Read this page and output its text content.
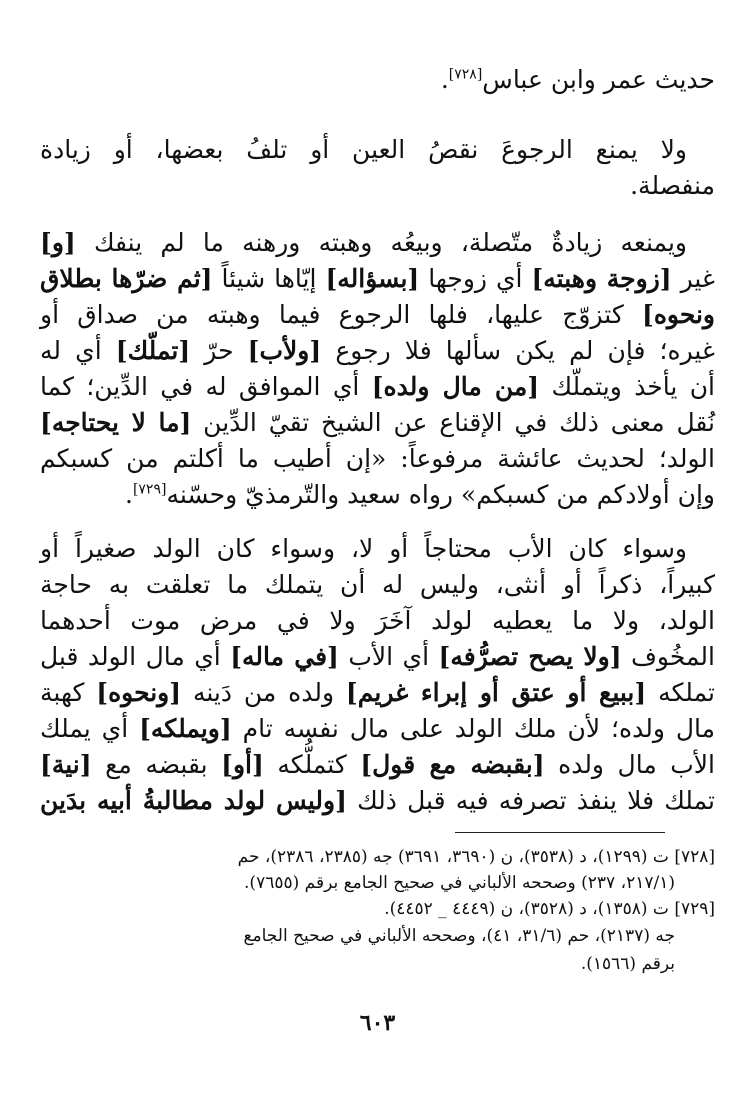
حديث عمر وابن عباس[٧٢٨].
ولا يمنع الرجوعَ نقصُ العين أو تلفُ بعضها، أو زيادة
منفصلة.
ويمنعه زيادةٌ متّصلة، وبيعُه وهبته ورهنه ما لم ينفك [و]
غير [زوجة وهبته] أي زوجها [بسؤاله] إيّاها شيئاً [ثم ضرّها بطلاق
ونحوه] كتزوّج عليها، فلها الرجوع فيما وهبته من صداق أو
غيره؛ فإن لم يكن سألها فلا رجوع [ولأب] حرّ [تملّك] أي له
أن يأخذ ويتملّك [من مال ولده] أي الموافق له في الدِّين؛ كما
نُقل معنى ذلك في الإقناع عن الشيخ تقيّ الدِّين [ما لا يحتاجه]
الولد؛ لحديث عائشة مرفوعاً: «إن أطيب ما أكلتم من كسبكم
وإن أولادكم من كسبكم» رواه سعيد والتّرمذيّ وحسّنه[٧٢٩].
وسواء كان الأب محتاجاً أو لا، وسواء كان الولد صغيراً أو
كبيراً، ذكراً أو أنثى، وليس له أن يتملك ما تعلقت به حاجة
الولد، ولا ما يعطيه لولد آخَرَ ولا في مرض موت أحدهما
المخُوف [ولا يصح تصرُّفه] أي الأب [في ماله] أي مال الولد قبل
تملكه [ببيع أو عتق أو إبراء غريم] ولده من دَينه [ونحوه] كهبة
مال ولده؛ لأن ملك الولد على مال نفسه تام [ويملكه] أي يملك
الأب مال ولده [بقبضه مع قول] كتملُّكه [أو] بقبضه مع [نية]
تملك فلا ينفذ تصرفه فيه قبل ذلك [وليس لولد مطالبةُ أبيه بدَين
[٧٢٨] ت (١٢٩٩)، د (٣٥٣٨)، ن (٣٦٩٠، ٣٦٩١) جه (٢٣٨٥، ٢٣٨٦)، حم
(٢١٧/١، ٢٣٧) وصححه الألباني في صحيح الجامع برقم (٧٦٥٥).
[٧٢٩] ت (١٣٥٨)، د (٣٥٢٨)، ن (٤٤٤٩ _ ٤٤٥٢).
جه (٢١٣٧)، حم (٣١/٦، ٤١)، وصححه الألباني في صحيح الجامع
برقم (١٥٦٦).
٦٠٣
